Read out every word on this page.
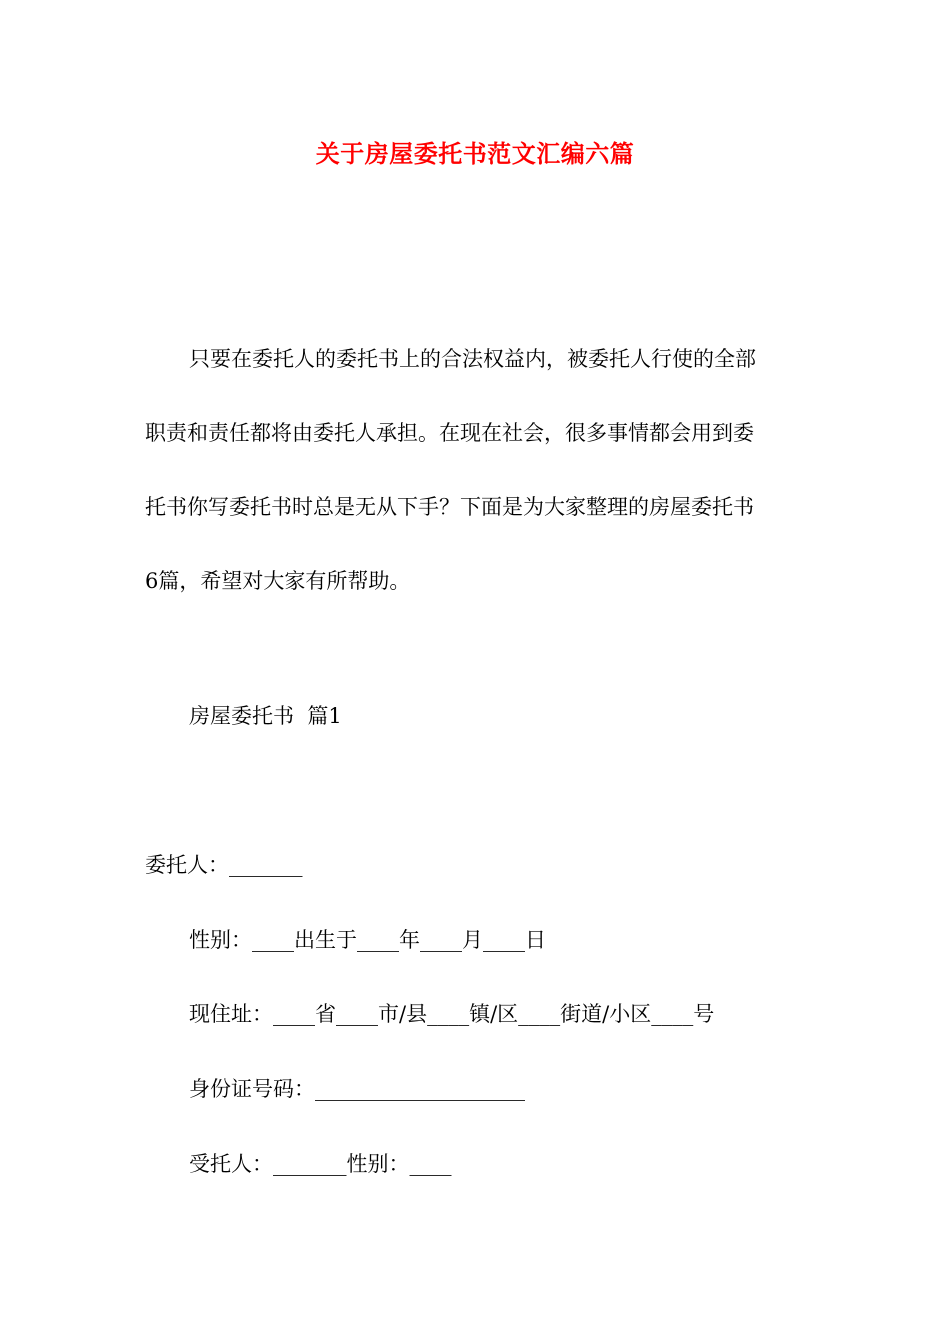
关于房屋委托书范文汇编六篇
只要在委托人的委托书上的合法权益内，被委托人行使的全部
职责和责任都将由委托人承担。在现在社会，很多事情都会用到委
托书你写委托书时总是无从下手？下面是为大家整理的房屋委托书
6篇，希望对大家有所帮助。
房屋委托书  篇1
委托人：_______
性别：____出生于____年____月____日
现住址：____省____市/县____镇/区____街道/小区____号
身份证号码：____________________
受托人：_______性别：____
